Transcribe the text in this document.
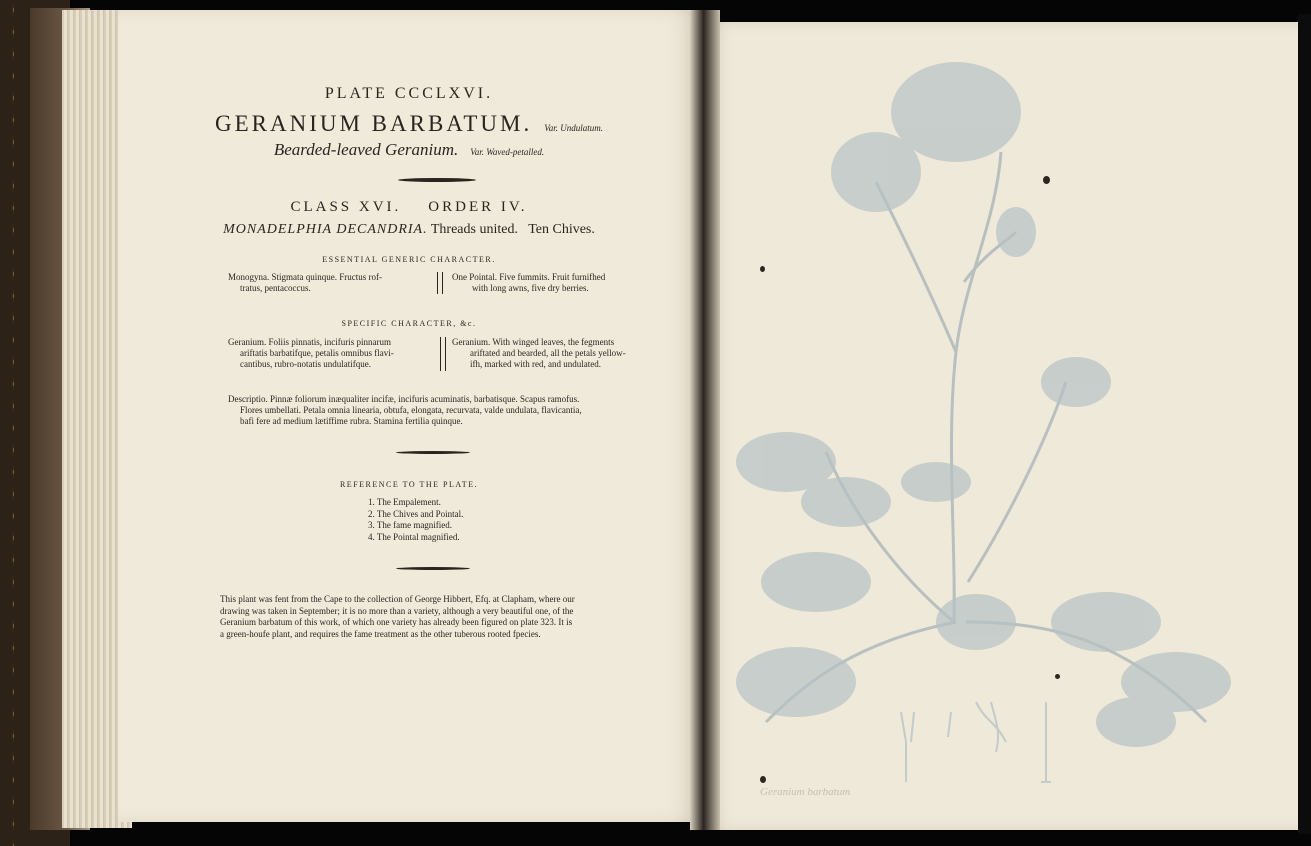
PLATE CCCLXVI.
GERANIUM BARBATUM. Var. Undulatum.
Bearded-leaved Geranium. Var. Waved-petalled.
CLASS XVI.    ORDER IV.
MONADELPHIA DECANDRIA. Threads united.   Ten Chives.
ESSENTIAL GENERIC CHARACTER.
Monogyna. Stigmata quinque. Fructus rof-
tratus, pentacoccus.
One Pointal. Five fummits. Fruit furnifhed
with long awns, five dry berries.
SPECIFIC CHARACTER, &c.
Geranium. Foliis pinnatis, incifuris pinnarum
ariftatis barbatifque, petalis omnibus flavi-
cantibus, rubro-notatis undulatifque.
Geranium. With winged leaves, the fegments
ariftated and bearded, all the petals yellow-
ifh, marked with red, and undulated.
Descriptio. Pinnæ foliorum inæqualiter incifæ, incifuris acuminatis, barbatisque. Scapus ramofus.
Flores umbellati. Petala omnia linearia, obtufa, elongata, recurvata, valde undulata, flavicantia,
bafi fere ad medium lætiffime rubra. Stamina fertilia quinque.
REFERENCE TO THE PLATE.
1. The Empalement.
2. The Chives and Pointal.
3. The fame magnified.
4. The Pointal magnified.
This plant was fent from the Cape to the collection of George Hibbert, Efq. at Clapham, where our
drawing was taken in September; it is no more than a variety, although a very beautiful one, of the
Geranium barbatum of this work, of which one variety has already been figured on plate 323. It is
a green-houfe plant, and requires the fame treatment as the other tuberous rooted fpecies.
Geranium barbatum
